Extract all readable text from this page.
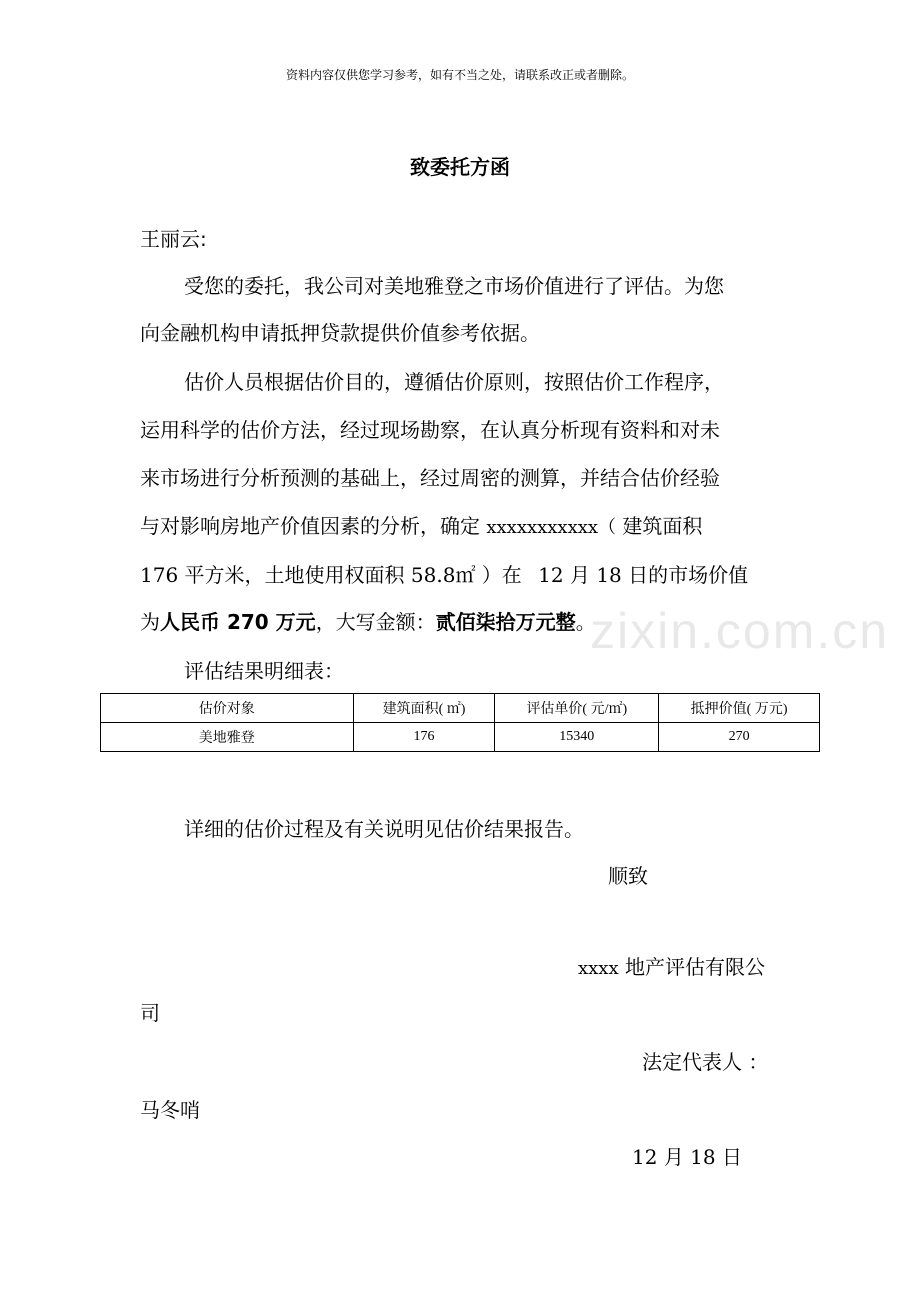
资料内容仅供您学习参考，如有不当之处，请联系改正或者删除。
致委托方函
王丽云:
受您的委托，我公司对美地雅登之市场价值进行了评估。为您
向金融机构申请抵押贷款提供价值参考依据。
估价人员根据估价目的，遵循估价原则，按照估价工作程序，
运用科学的估价方法，经过现场勘察，在认真分析现有资料和对未
来市场进行分析预测的基础上，经过周密的测算，并结合估价经验
与对影响房地产价值因素的分析，确定 xxxxxxxxxxx（ 建筑面积
176 平方米，土地使用权面积 58.8㎡ ）在 12 月 18 日的市场价值
为人民币 270 万元，大写金额：贰佰柒拾万元整。
zixin.com.cn
评估结果明细表：
估价对象	建筑面积( ㎡)	评估单价( 元/㎡)	抵押价值( 万元)
美地雅登	176	15340	270
详细的估价过程及有关说明见估价结果报告。
顺致
xxxx 地产评估有限公
司
法定代表人 ：
马冬哨
12 月 18 日
